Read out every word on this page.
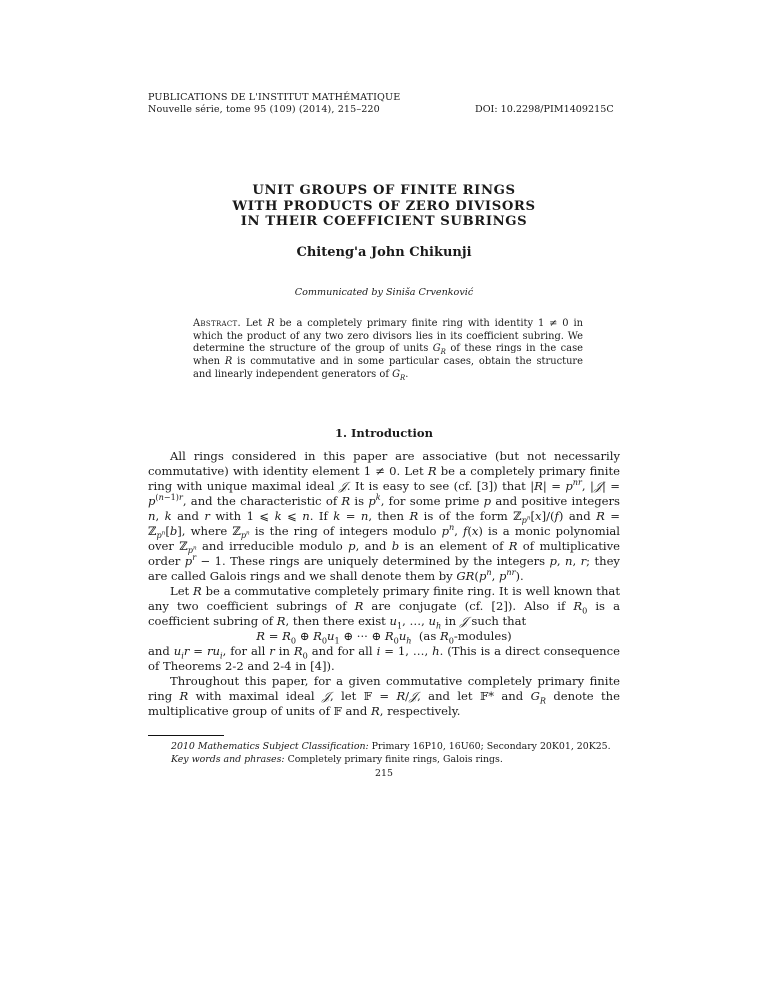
PUBLICATIONS DE L'INSTITUT MATHÉMATIQUE
Nouvelle série, tome 95 (109) (2014), 215–220	DOI: 10.2298/PIM1409215C
UNIT GROUPS OF FINITE RINGS
WITH PRODUCTS OF ZERO DIVISORS
IN THEIR COEFFICIENT SUBRINGS
Chiteng'a John Chikunji
Communicated by Siniša Crvenković
Abstract. Let R be a completely primary finite ring with identity 1 ≠ 0 in which the product of any two zero divisors lies in its coefficient subring. We determine the structure of the group of units $G_R$ of these rings in the case when R is commutative and in some particular cases, obtain the structure and linearly independent generators of $G_R$.
1. Introduction

All rings considered in this paper are associative (but not necessarily commutative) with identity element 1 ≠ 0. Let R be a completely primary finite ring with unique maximal ideal 𝒥. It is easy to see (cf. [3]) that $|R| = p^{nr}$, |𝒥| = $p^{(n-1)r}$, and the characteristic of R is $p^k$, for some prime p and positive integers n, k and r with 1 ⩽ k ⩽ n. If k = n, then R is of the form ℤ$_{p^n}$[x]/(f) and R = ℤ$_{p^n}$[b], where ℤ$_{p^n}$ is the ring of integers modulo $p^n$, f(x) is a monic polynomial over ℤ$_{p^n}$ and irreducible modulo p, and b is an element of R of multiplicative order $p^r - 1$. These rings are uniquely determined by the integers p, n, r; they are called Galois rings and we shall denote them by $GR(p^n$, $p^{nr}$).

Let R be a commutative completely primary finite ring. It is well known that any two coefficient subrings of R are conjugate (cf. [2]). Also if $R_0$ is a coefficient subring of R, then there exist $u_1$, …, $u_h$ in 𝒥 such that

$R = R_0$ ⊕ $R_0u_1$ ⊕ ··· ⊕ $R_0u_h$  (as $R_0-modules$)

and $u_ir = ru_i$, for all r in $R_0$ and for all i = 1, …, h. (This is a direct consequence of Theorems 2-2 and 2-4 in [4]).

Throughout this paper, for a given commutative completely primary finite ring R with maximal ideal 𝒥, let 𝔽 = R/𝒥, and let 𝔽* and $G_R$ denote the multiplicative group of units of 𝔽 and R, respectively.

2010 Mathematics Subject Classification: Primary 16P10, 16U60; Secondary 20K01, 20K25.
Key words and phrases: Completely primary finite rings, Galois rings.
215
